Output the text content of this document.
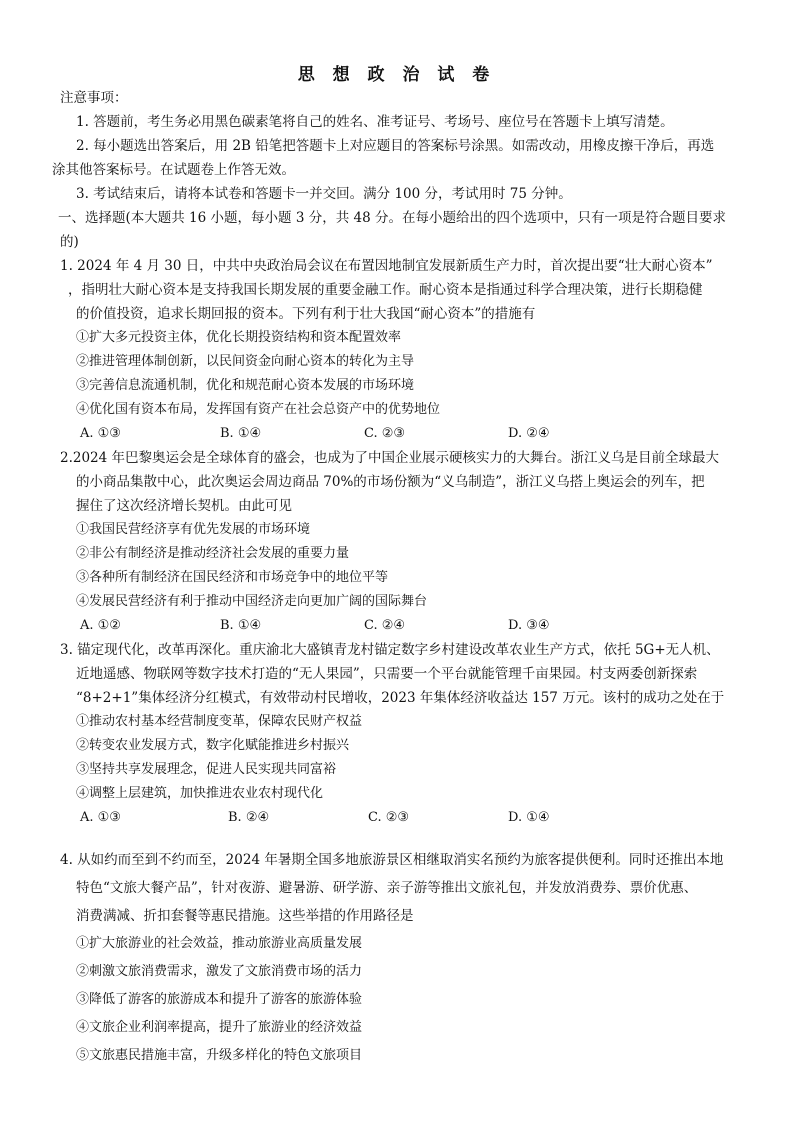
思 想 政 治 试 卷
注意事项：
1. 答题前，考生务必用黑色碳素笔将自己的姓名、准考证号、考场号、座位号在答题卡上填写清楚。
2. 每小题选出答案后，用 2B 铅笔把答题卡上对应题目的答案标号涂黑。如需改动，用橡皮擦干净后，再选
涂其他答案标号。在试题卷上作答无效。
3. 考试结束后，请将本试卷和答题卡一并交回。满分 100 分，考试用时 75 分钟。
一、选择题(本大题共 16 小题，每小题 3 分，共 48 分。在每小题给出的四个选项中，只有一项是符合题目要求
的)
1. 2024 年 4 月 30 日，中共中央政治局会议在布置因地制宜发展新质生产力时，首次提出要“壮大耐心资本”
，指明壮大耐心资本是支持我国长期发展的重要金融工作。耐心资本是指通过科学合理决策，进行长期稳健
的价值投资，追求长期回报的资本。下列有利于壮大我国“耐心资本”的措施有
①扩大多元投资主体，优化长期投资结构和资本配置效率
②推进管理体制创新，以民间资金向耐心资本的转化为主导
③完善信息流通机制，优化和规范耐心资本发展的市场环境
④优化国有资本布局，发挥国有资产在社会总资产中的优势地位
A. ①③	B. ①④	C. ②③	D. ②④
2.2024 年巴黎奥运会是全球体育的盛会，也成为了中国企业展示硬核实力的大舞台。浙江义乌是目前全球最大
的小商品集散中心，此次奥运会周边商品 70%的市场份额为“义乌制造”，浙江义乌搭上奥运会的列车，把
握住了这次经济增长契机。由此可见
①我国民营经济享有优先发展的市场环境
②非公有制经济是推动经济社会发展的重要力量
③各种所有制经济在国民经济和市场竞争中的地位平等
④发展民营经济有利于推动中国经济走向更加广阔的国际舞台
A. ①②	B. ①④	C. ②④	D. ③④
3. 锚定现代化，改革再深化。重庆渝北大盛镇青龙村锚定数字乡村建设改革农业生产方式，依托 5G+无人机、
近地遥感、物联网等数字技术打造的“无人果园”，只需要一个平台就能管理千亩果园。村支两委创新探索
“8+2+1”集体经济分红模式，有效带动村民增收，2023 年集体经济收益达 157 万元。该村的成功之处在于
①推动农村基本经营制度变革，保障农民财产权益
②转变农业发展方式，数字化赋能推进乡村振兴
③坚持共享发展理念，促进人民实现共同富裕
④调整上层建筑，加快推进农业农村现代化
A. ①③	B. ②④	C. ②③	D. ①④
4. 从如约而至到不约而至，2024 年暑期全国多地旅游景区相继取消实名预约为旅客提供便利。同时还推出本地
特色“文旅大餐产品”，针对夜游、避暑游、研学游、亲子游等推出文旅礼包，并发放消费券、票价优惠、
消费满减、折扣套餐等惠民措施。这些举措的作用路径是
①扩大旅游业的社会效益，推动旅游业高质量发展
②刺激文旅消费需求，激发了文旅消费市场的活力
③降低了游客的旅游成本和提升了游客的旅游体验
④文旅企业利润率提高，提升了旅游业的经济效益
⑤文旅惠民措施丰富，升级多样化的特色文旅项目
